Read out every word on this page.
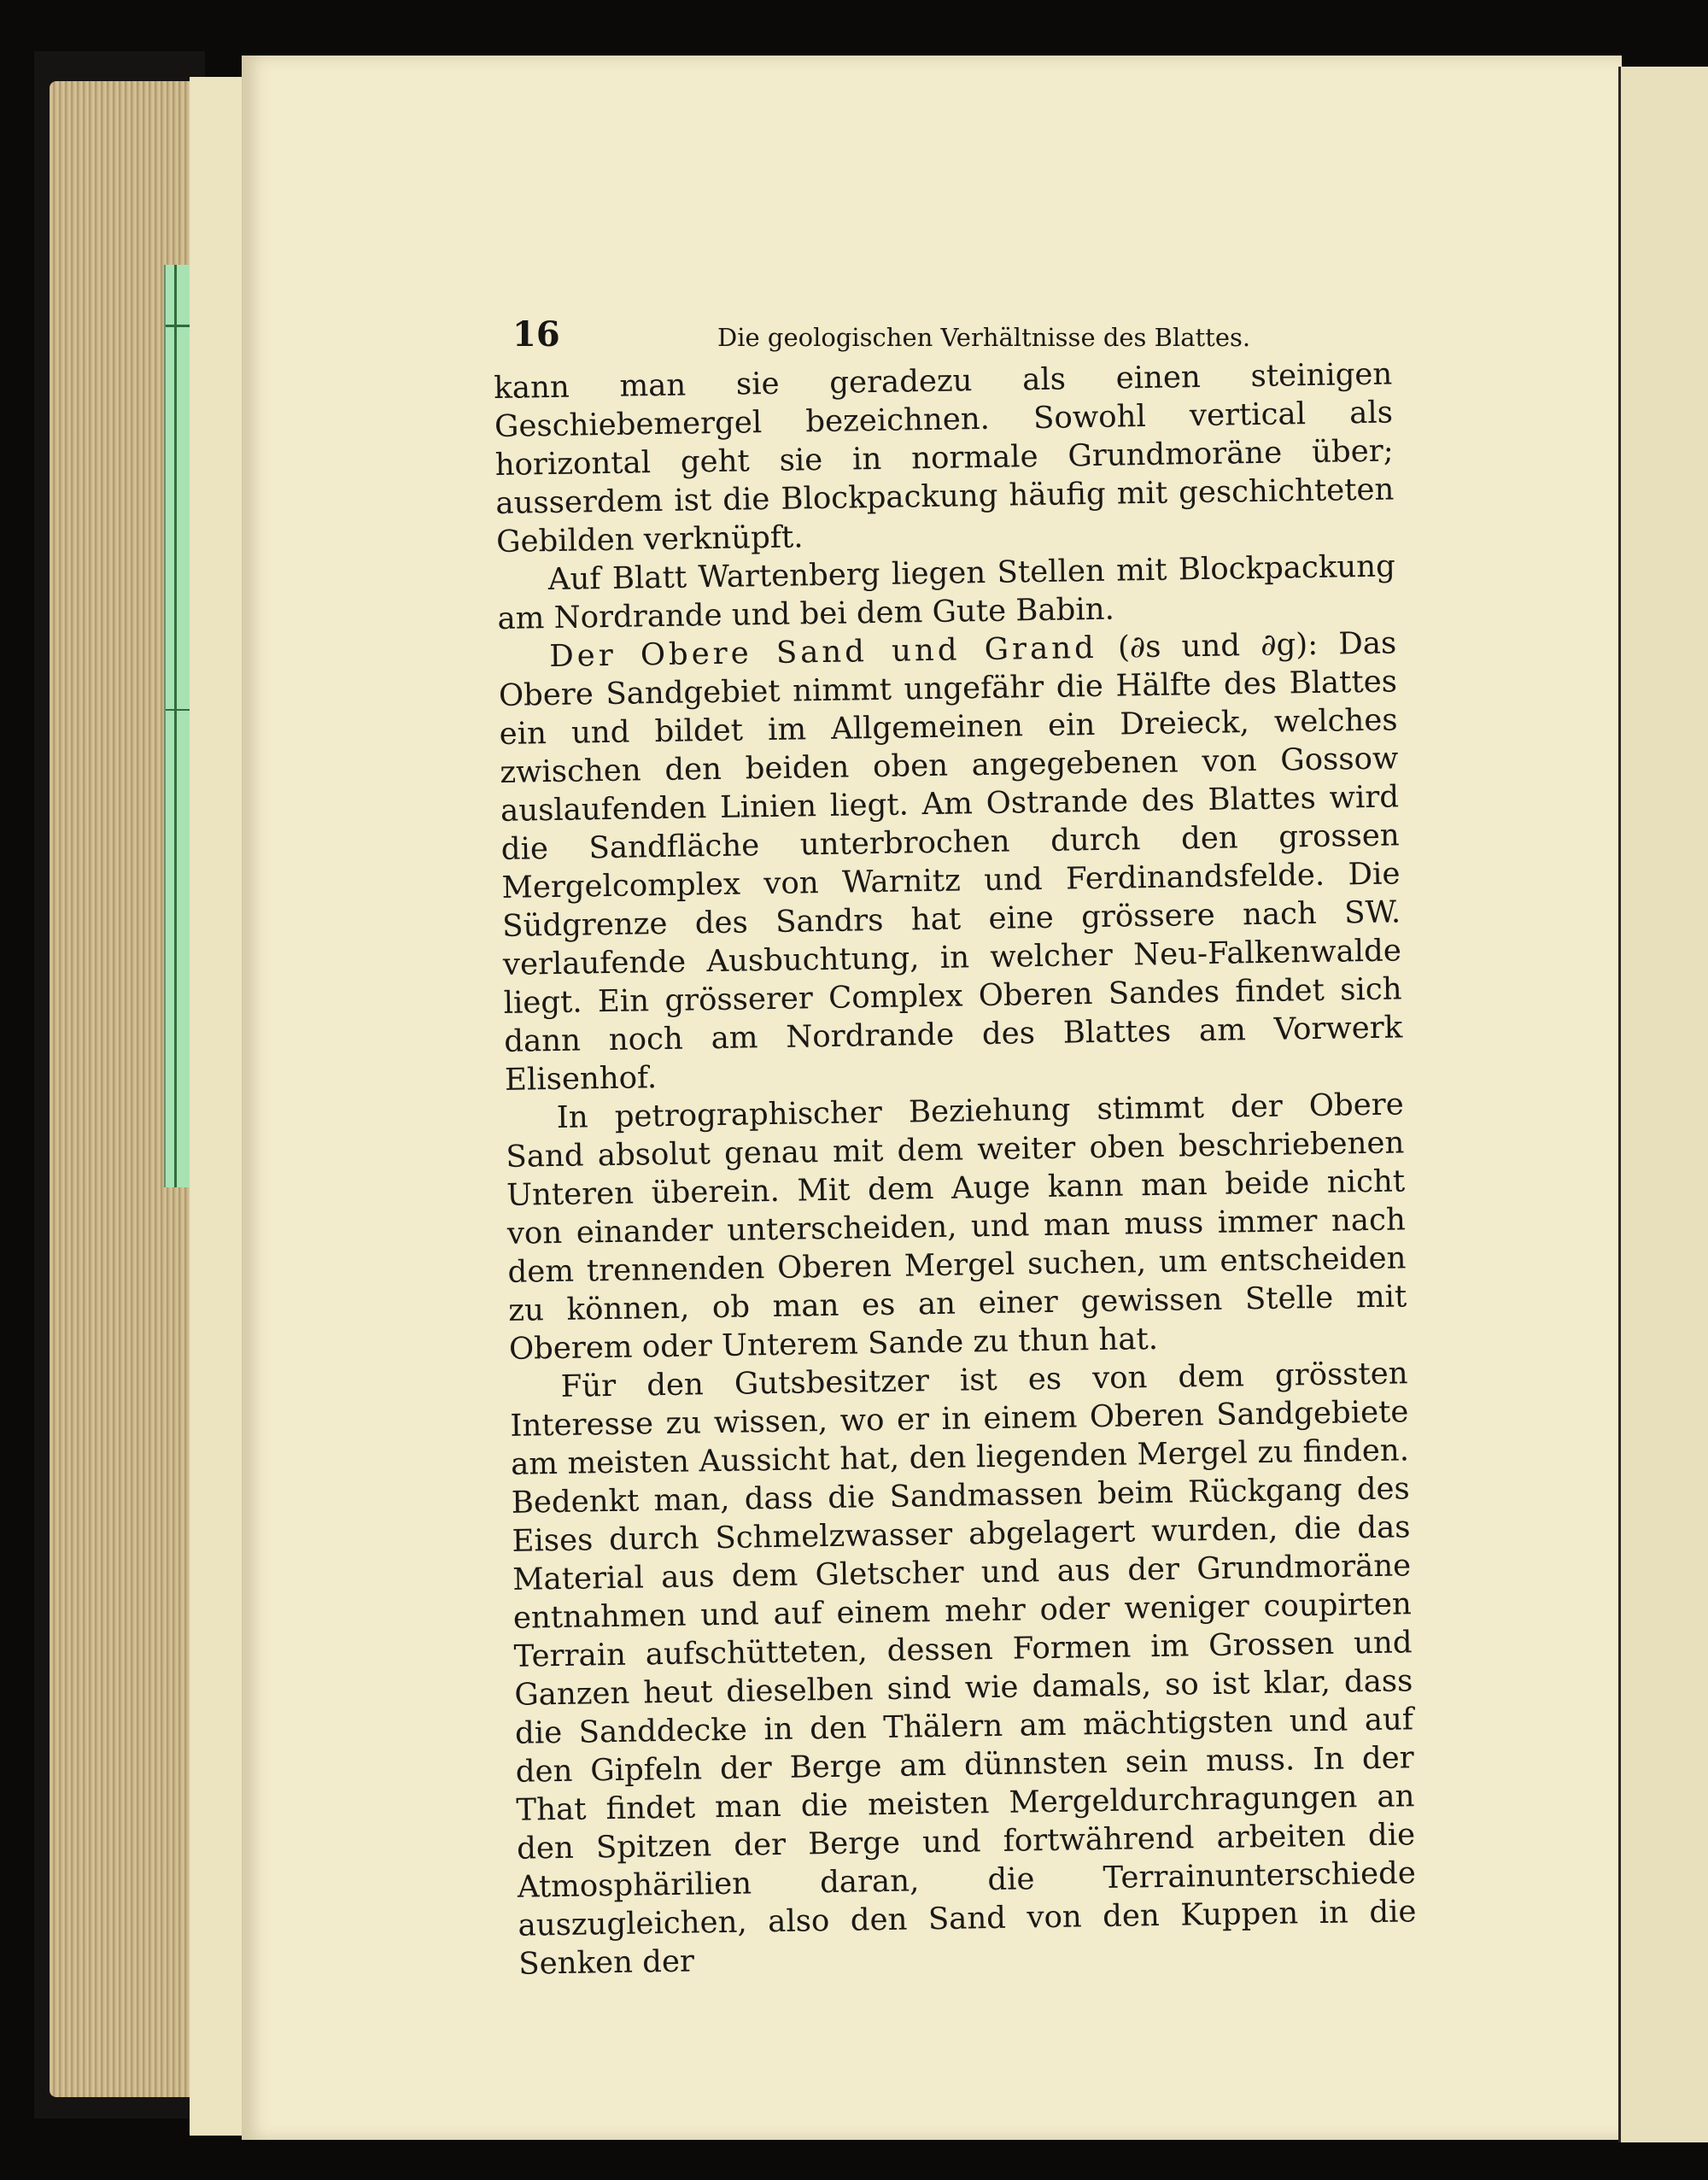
16	Die geologischen Verhältnisse des Blattes.

kann man sie geradezu als einen steinigen Geschiebemergel bezeichnen. Sowohl vertical als horizontal geht sie in normale Grundmoräne über; ausserdem ist die Blockpackung häufig mit geschichteten Gebilden verknüpft.

Auf Blatt Wartenberg liegen Stellen mit Blockpackung am Nordrande und bei dem Gute Babin.

Der Obere Sand und Grand (∂s und ∂g): Das Obere Sandgebiet nimmt ungefähr die Hälfte des Blattes ein und bildet im Allgemeinen ein Dreieck, welches zwischen den beiden oben angegebenen von Gossow auslaufenden Linien liegt. Am Ostrande des Blattes wird die Sandfläche unterbrochen durch den grossen Mergelcomplex von Warnitz und Ferdinandsfelde. Die Südgrenze des Sandrs hat eine grössere nach SW. verlaufende Ausbuchtung, in welcher Neu-Falkenwalde liegt. Ein grösserer Complex Oberen Sandes findet sich dann noch am Nordrande des Blattes am Vorwerk Elisenhof.

In petrographischer Beziehung stimmt der Obere Sand absolut genau mit dem weiter oben beschriebenen Unteren überein. Mit dem Auge kann man beide nicht von einander unterscheiden, und man muss immer nach dem trennenden Oberen Mergel suchen, um entscheiden zu können, ob man es an einer gewissen Stelle mit Oberem oder Unterem Sande zu thun hat.

Für den Gutsbesitzer ist es von dem grössten Interesse zu wissen, wo er in einem Oberen Sandgebiete am meisten Aussicht hat, den liegenden Mergel zu finden. Bedenkt man, dass die Sandmassen beim Rückgang des Eises durch Schmelzwasser abgelagert wurden, die das Material aus dem Gletscher und aus der Grundmoräne entnahmen und auf einem mehr oder weniger coupirten Terrain aufschütteten, dessen Formen im Grossen und Ganzen heut dieselben sind wie damals, so ist klar, dass die Sanddecke in den Thälern am mächtigsten und auf den Gipfeln der Berge am dünnsten sein muss. In der That findet man die meisten Mergeldurchragungen an den Spitzen der Berge und fortwährend arbeiten die Atmosphärilien daran, die Terrainunterschiede auszugleichen, also den Sand von den Kuppen in die Senken der
